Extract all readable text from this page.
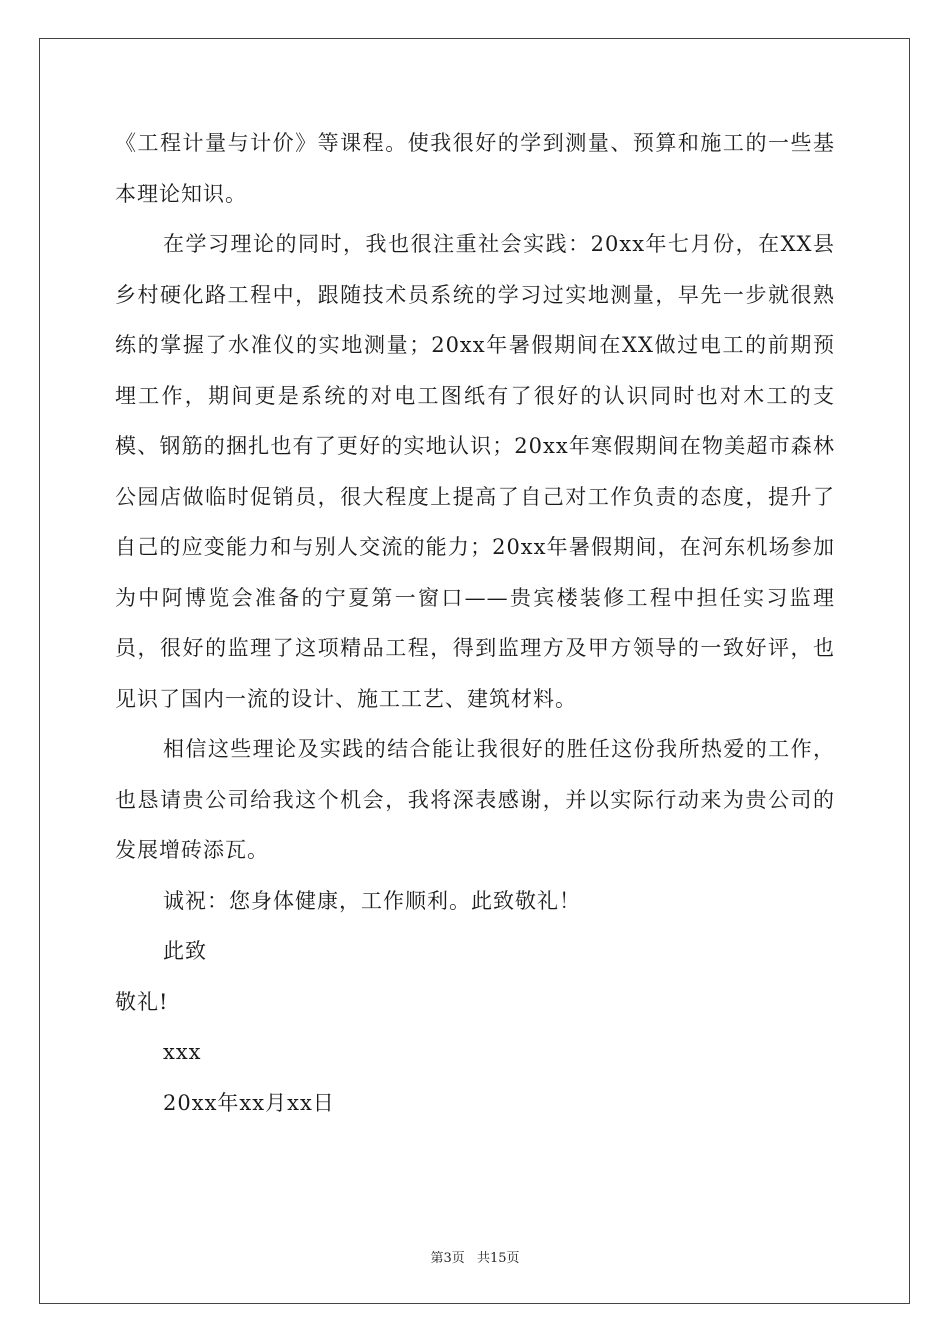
《工程计量与计价》等课程。使我很好的学到测量、预算和施工的一些基本理论知识。

在学习理论的同时，我也很注重社会实践：20xx年七月份，在XX县乡村硬化路工程中，跟随技术员系统的学习过实地测量，早先一步就很熟练的掌握了水准仪的实地测量；20xx年暑假期间在XX做过电工的前期预埋工作，期间更是系统的对电工图纸有了很好的认识同时也对木工的支模、钢筋的捆扎也有了更好的实地认识；20xx年寒假期间在物美超市森林公园店做临时促销员，很大程度上提高了自己对工作负责的态度，提升了自己的应变能力和与别人交流的能力；20xx年暑假期间，在河东机场参加为中阿博览会准备的宁夏第一窗口——贵宾楼装修工程中担任实习监理员，很好的监理了这项精品工程，得到监理方及甲方领导的一致好评，也见识了国内一流的设计、施工工艺、建筑材料。

相信这些理论及实践的结合能让我很好的胜任这份我所热爱的工作，也恳请贵公司给我这个机会，我将深表感谢，并以实际行动来为贵公司的发展增砖添瓦。

诚祝：您身体健康，工作顺利。此致敬礼！

此致

敬礼!

xxx

20xx年xx月xx日

第3页 共15页
